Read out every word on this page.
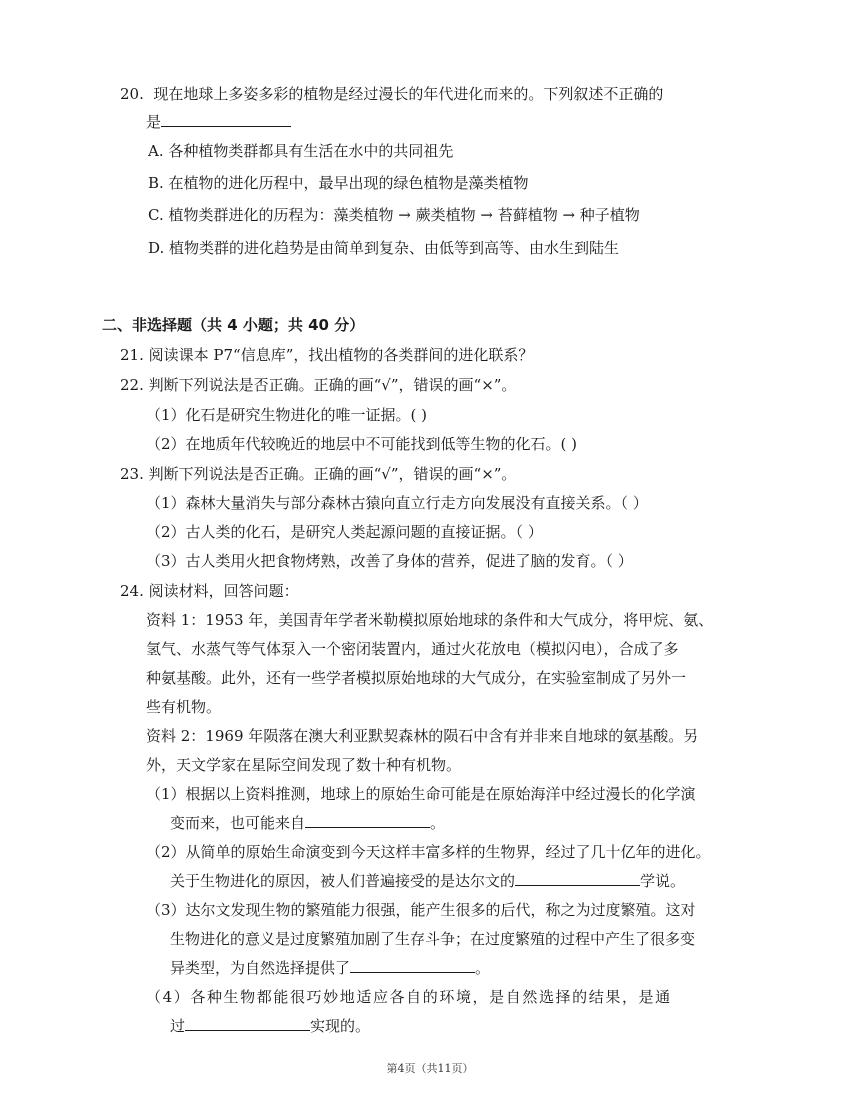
20. 现在地球上多姿多彩的植物是经过漫长的年代进化而来的。下列叙述不正确的
是
A. 各种植物类群都具有生活在水中的共同祖先
B. 在植物的进化历程中，最早出现的绿色植物是藻类植物
C. 植物类群进化的历程为：藻类植物 → 蕨类植物 → 苔藓植物 → 种子植物
D. 植物类群的进化趋势是由简单到复杂、由低等到高等、由水生到陆生
二、非选择题（共 4 小题；共 40 分）
21. 阅读课本 P7“信息库”，找出植物的各类群间的进化联系？
22. 判断下列说法是否正确。正确的画“√”，错误的画“×”。
（1）化石是研究生物进化的唯一证据。( )
（2）在地质年代较晚近的地层中不可能找到低等生物的化石。( )
23. 判断下列说法是否正确。正确的画“√”，错误的画“×”。
（1）森林大量消失与部分森林古猿向直立行走方向发展没有直接关系。（ ）
（2）古人类的化石，是研究人类起源问题的直接证据。（ ）
（3）古人类用火把食物烤熟，改善了身体的营养，促进了脑的发育。（ ）
24. 阅读材料，回答问题：
资料 1：1953 年，美国青年学者米勒模拟原始地球的条件和大气成分，将甲烷、氨、
氢气、水蒸气等气体泵入一个密闭装置内，通过火花放电（模拟闪电），合成了多
种氨基酸。此外，还有一些学者模拟原始地球的大气成分，在实验室制成了另外一
些有机物。
资料 2：1969 年陨落在澳大利亚默契森林的陨石中含有并非来自地球的氨基酸。另
外，天文学家在星际空间发现了数十种有机物。
（1）根据以上资料推测，地球上的原始生命可能是在原始海洋中经过漫长的化学演
变而来，也可能来自	。
（2）从简单的原始生命演变到今天这样丰富多样的生物界，经过了几十亿年的进化。
关于生物进化的原因，被人们普遍接受的是达尔文的	学说。
（3）达尔文发现生物的繁殖能力很强，能产生很多的后代，称之为过度繁殖。这对
生物进化的意义是过度繁殖加剧了生存斗争；在过度繁殖的过程中产生了很多变
异类型，为自然选择提供了	。
（4）各种生物都能很巧妙地适应各自的环境，是自然选择的结果，是通
过	实现的。
第4页（共11页）
